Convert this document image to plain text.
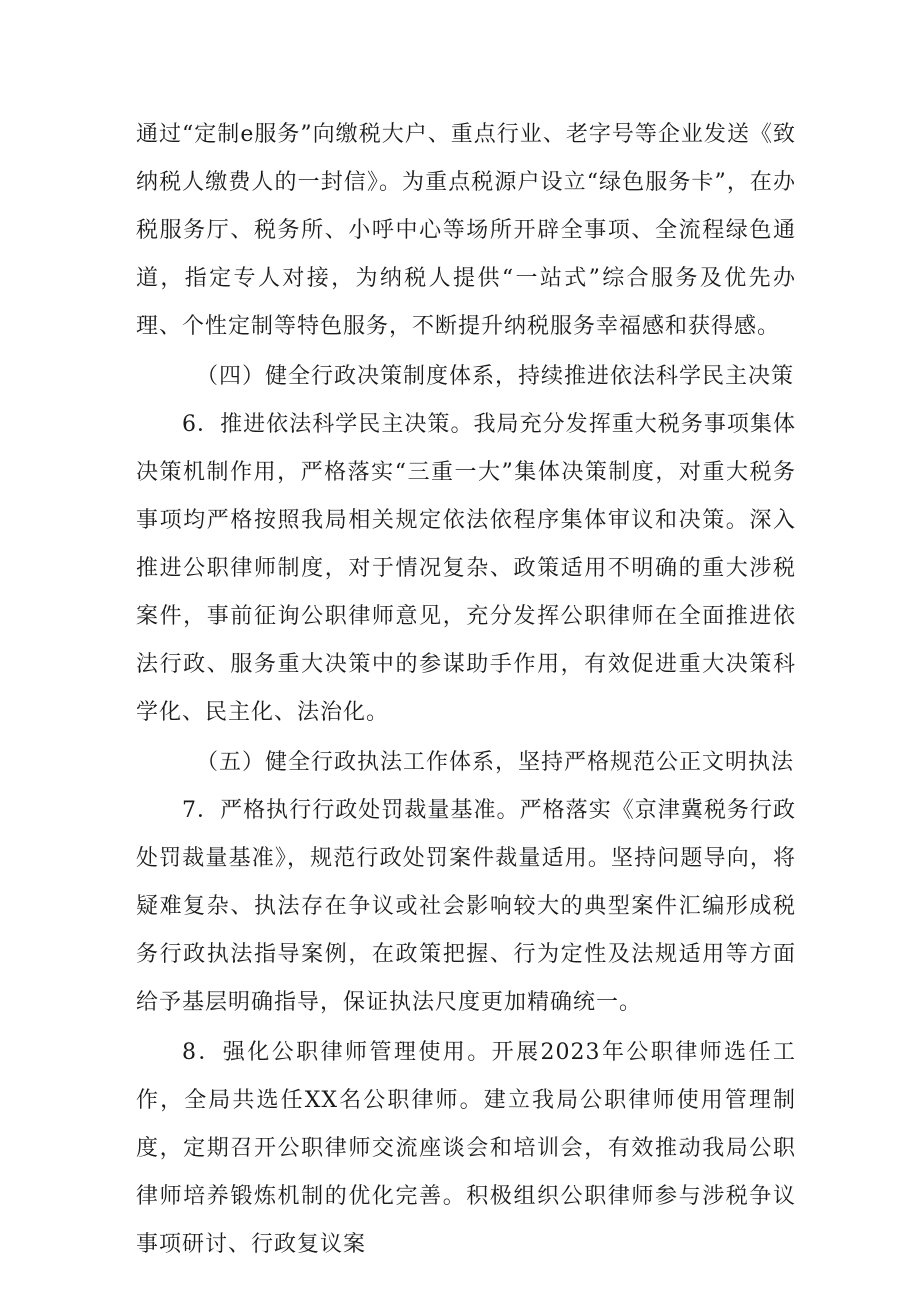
通过“定制e服务”向缴税大户、重点行业、老字号等企业发送《致纳税人缴费人的一封信》。为重点税源户设立“绿色服务卡”，在办税服务厅、税务所、小呼中心等场所开辟全事项、全流程绿色通道，指定专人对接，为纳税人提供“一站式”综合服务及优先办理、个性定制等特色服务，不断提升纳税服务幸福感和获得感。

（四）健全行政决策制度体系，持续推进依法科学民主决策

6．推进依法科学民主决策。我局充分发挥重大税务事项集体决策机制作用，严格落实“三重一大”集体决策制度，对重大税务事项均严格按照我局相关规定依法依程序集体审议和决策。深入推进公职律师制度，对于情况复杂、政策适用不明确的重大涉税案件，事前征询公职律师意见，充分发挥公职律师在全面推进依法行政、服务重大决策中的参谋助手作用，有效促进重大决策科学化、民主化、法治化。

（五）健全行政执法工作体系，坚持严格规范公正文明执法

7．严格执行行政处罚裁量基准。严格落实《京津冀税务行政处罚裁量基准》，规范行政处罚案件裁量适用。坚持问题导向，将疑难复杂、执法存在争议或社会影响较大的典型案件汇编形成税务行政执法指导案例，在政策把握、行为定性及法规适用等方面给予基层明确指导，保证执法尺度更加精确统一。

8．强化公职律师管理使用。开展2023年公职律师选任工作，全局共选任XX名公职律师。建立我局公职律师使用管理制度，定期召开公职律师交流座谈会和培训会，有效推动我局公职律师培养锻炼机制的优化完善。积极组织公职律师参与涉税争议事项研讨、行政复议案
